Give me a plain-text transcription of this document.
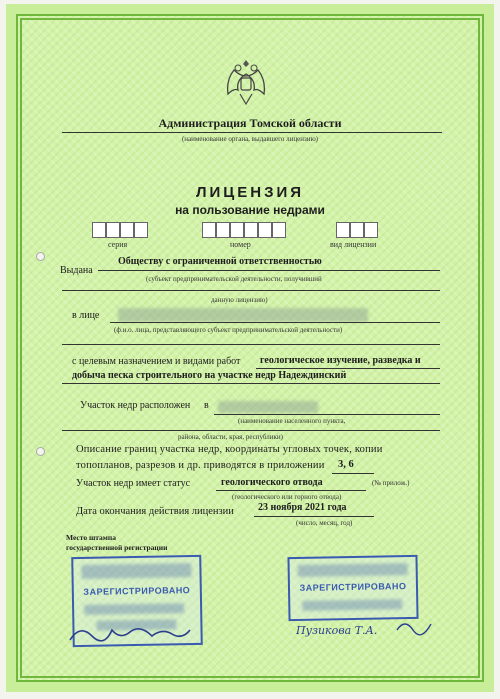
Администрация Томской области
(наименование органа, выдавшего лицензию)
ЛИЦЕНЗИЯ
на пользование недрами
серия	номер	вид лицензии
Выдана
Обществу с ограниченной ответственностью
(субъект предпринимательской деятельности, получивший
данную лицензию)
в лице
(ф.и.о. лица, представляющего субъект предпринимательской деятельности)
с целевым назначением и видами работ геологическое изучение, разведка и
добыча песка строительного на участке недр Надеждинский
Участок недр расположен в
(наименование населенного пункта,
района, области, края, республики)
Описание границ участка недр, координаты угловых точек, копии
топопланов, разрезов и др. приводятся в приложении 3, 6
Участок недр имеет статус	геологического отвода	(№ прилож.)
(геологического или горного отвода)
Дата окончания действия лицензии 23 ноября 2021 года
(число, месяц, год)
Место штампа
государственной регистрации
ЗАРЕГИСТРИРОВАНО	ЗАРЕГИСТРИРОВАНО
Пузикова Т.А.
